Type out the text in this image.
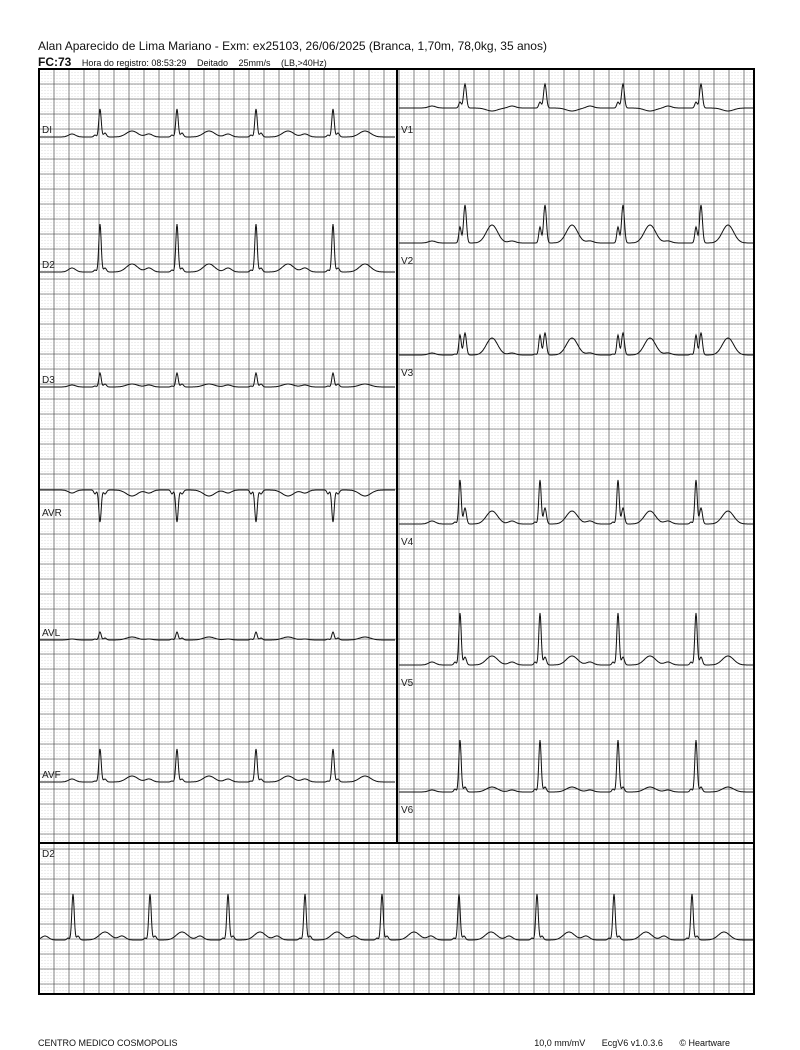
Alan Aparecido de Lima Mariano - Exm: ex25103, 26/06/2025 (Branca, 1,70m, 78,0kg, 35 anos)
FC:73 Hora do registro: 08:53:29 Deitado 25mm/s (LB,>40Hz)
DI
D2
D3
AVR
AVL
AVF
V1
V2
V3
V4
V5
V6
D2
CENTRO MEDICO COSMOPOLIS	10,0 mm/mV EcgV6 v1.0.3.6 © Heartware
